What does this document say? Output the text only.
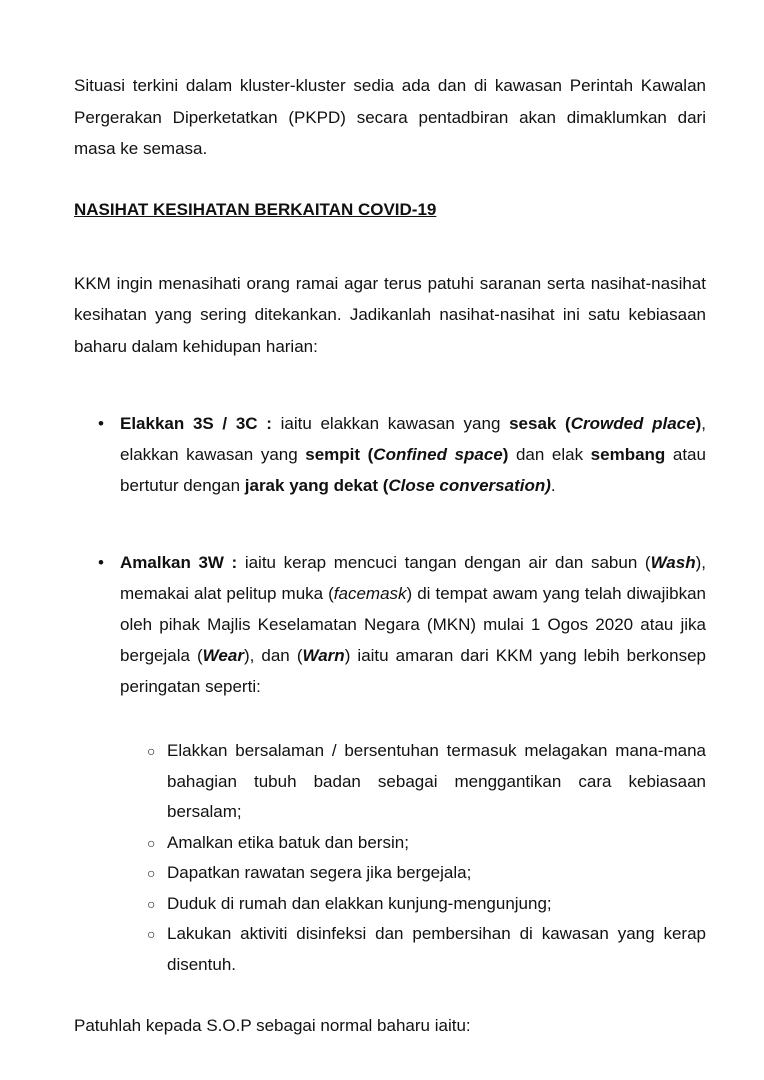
Situasi terkini dalam kluster-kluster sedia ada dan di kawasan Perintah Kawalan Pergerakan Diperketatkan (PKPD) secara pentadbiran akan dimaklumkan dari masa ke semasa.

NASIHAT KESIHATAN BERKAITAN COVID-19

KKM ingin menasihati orang ramai agar terus patuhi saranan serta nasihat-nasihat kesihatan yang sering ditekankan. Jadikanlah nasihat-nasihat ini satu kebiasaan baharu dalam kehidupan harian:

• Elakkan 3S / 3C : iaitu elakkan kawasan yang sesak (Crowded place), elakkan kawasan yang sempit (Confined space) dan elak sembang atau bertutur dengan jarak yang dekat (Close conversation).

• Amalkan 3W : iaitu kerap mencuci tangan dengan air dan sabun (Wash), memakai alat pelitup muka (facemask) di tempat awam yang telah diwajibkan oleh pihak Majlis Keselamatan Negara (MKN) mulai 1 Ogos 2020 atau jika bergejala (Wear), dan (Warn) iaitu amaran dari KKM yang lebih berkonsep peringatan seperti:

○ Elakkan bersalaman / bersentuhan termasuk melagakan mana-mana bahagian tubuh badan sebagai menggantikan cara kebiasaan bersalam;

○ Amalkan etika batuk dan bersin;

○ Dapatkan rawatan segera jika bergejala;

○ Duduk di rumah dan elakkan kunjung-mengunjung;

○ Lakukan aktiviti disinfeksi dan pembersihan di kawasan yang kerap disentuh.

Patuhlah kepada S.O.P sebagai normal baharu iaitu:
